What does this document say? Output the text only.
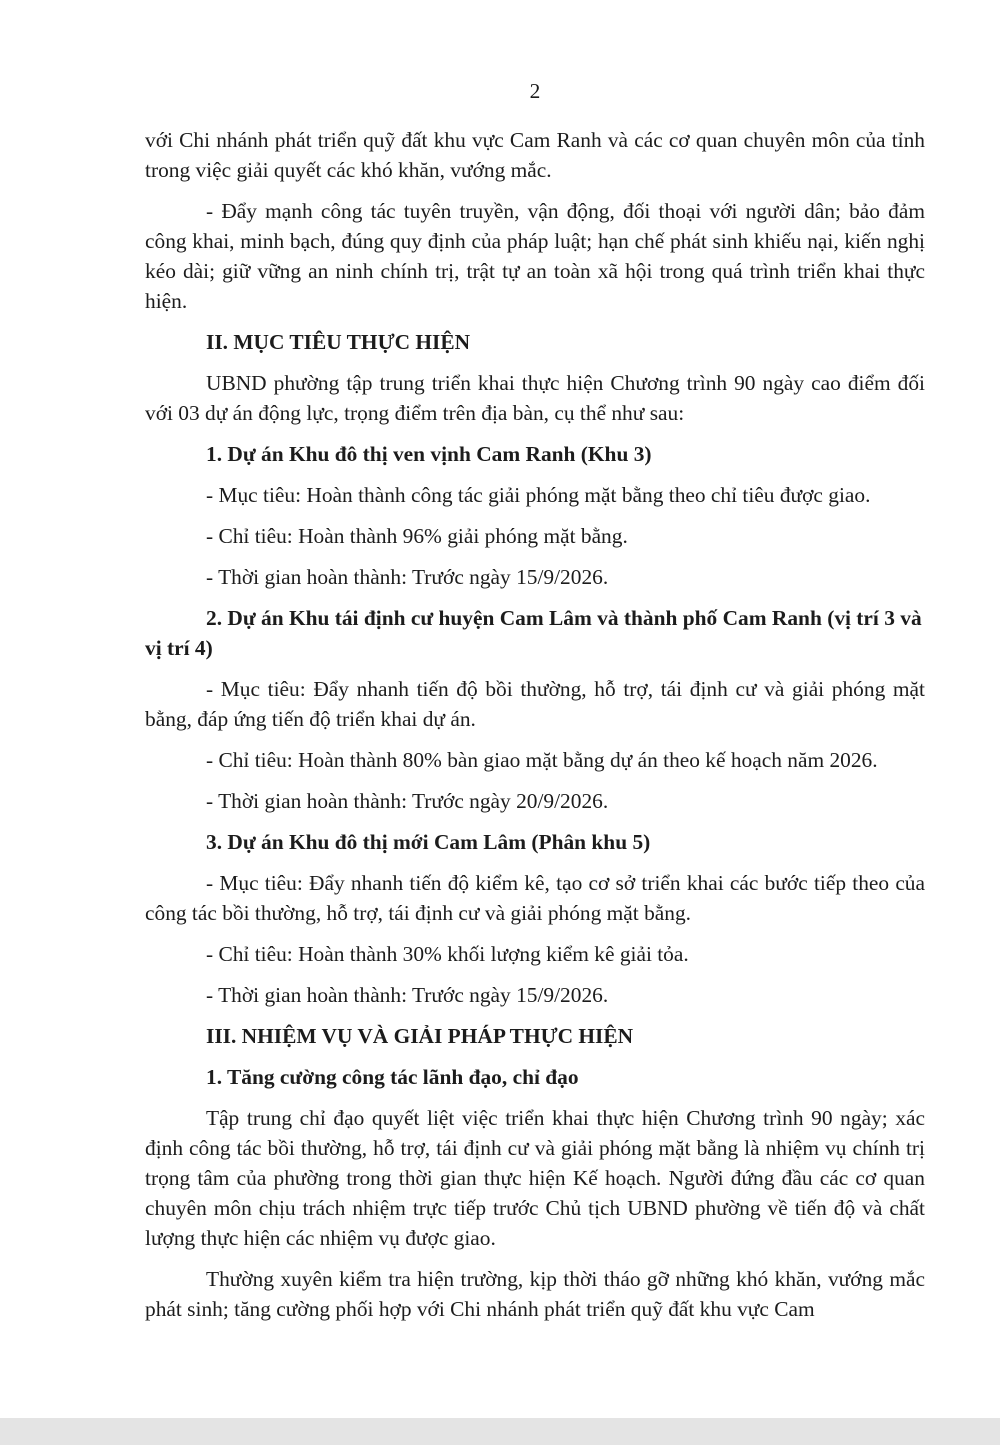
2

với Chi nhánh phát triển quỹ đất khu vực Cam Ranh và các cơ quan chuyên môn của tỉnh trong việc giải quyết các khó khăn, vướng mắc.

- Đẩy mạnh công tác tuyên truyền, vận động, đối thoại với người dân; bảo đảm công khai, minh bạch, đúng quy định của pháp luật; hạn chế phát sinh khiếu nại, kiến nghị kéo dài; giữ vững an ninh chính trị, trật tự an toàn xã hội trong quá trình triển khai thực hiện.

II. MỤC TIÊU THỰC HIỆN

UBND phường tập trung triển khai thực hiện Chương trình 90 ngày cao điểm đối với 03 dự án động lực, trọng điểm trên địa bàn, cụ thể như sau:

1. Dự án Khu đô thị ven vịnh Cam Ranh (Khu 3)

- Mục tiêu: Hoàn thành công tác giải phóng mặt bằng theo chỉ tiêu được giao.

- Chỉ tiêu: Hoàn thành 96% giải phóng mặt bằng.

- Thời gian hoàn thành: Trước ngày 15/9/2026.

2. Dự án Khu tái định cư huyện Cam Lâm và thành phố Cam Ranh (vị trí 3 và vị trí 4)

- Mục tiêu: Đẩy nhanh tiến độ bồi thường, hỗ trợ, tái định cư và giải phóng mặt bằng, đáp ứng tiến độ triển khai dự án.

- Chỉ tiêu: Hoàn thành 80% bàn giao mặt bằng dự án theo kế hoạch năm 2026.

- Thời gian hoàn thành: Trước ngày 20/9/2026.

3. Dự án Khu đô thị mới Cam Lâm (Phân khu 5)

- Mục tiêu: Đẩy nhanh tiến độ kiểm kê, tạo cơ sở triển khai các bước tiếp theo của công tác bồi thường, hỗ trợ, tái định cư và giải phóng mặt bằng.

- Chỉ tiêu: Hoàn thành 30% khối lượng kiểm kê giải tỏa.

- Thời gian hoàn thành: Trước ngày 15/9/2026.

III. NHIỆM VỤ VÀ GIẢI PHÁP THỰC HIỆN

1. Tăng cường công tác lãnh đạo, chỉ đạo

Tập trung chỉ đạo quyết liệt việc triển khai thực hiện Chương trình 90 ngày; xác định công tác bồi thường, hỗ trợ, tái định cư và giải phóng mặt bằng là nhiệm vụ chính trị trọng tâm của phường trong thời gian thực hiện Kế hoạch. Người đứng đầu các cơ quan chuyên môn chịu trách nhiệm trực tiếp trước Chủ tịch UBND phường về tiến độ và chất lượng thực hiện các nhiệm vụ được giao.

Thường xuyên kiểm tra hiện trường, kịp thời tháo gỡ những khó khăn, vướng mắc phát sinh; tăng cường phối hợp với Chi nhánh phát triển quỹ đất khu vực Cam
